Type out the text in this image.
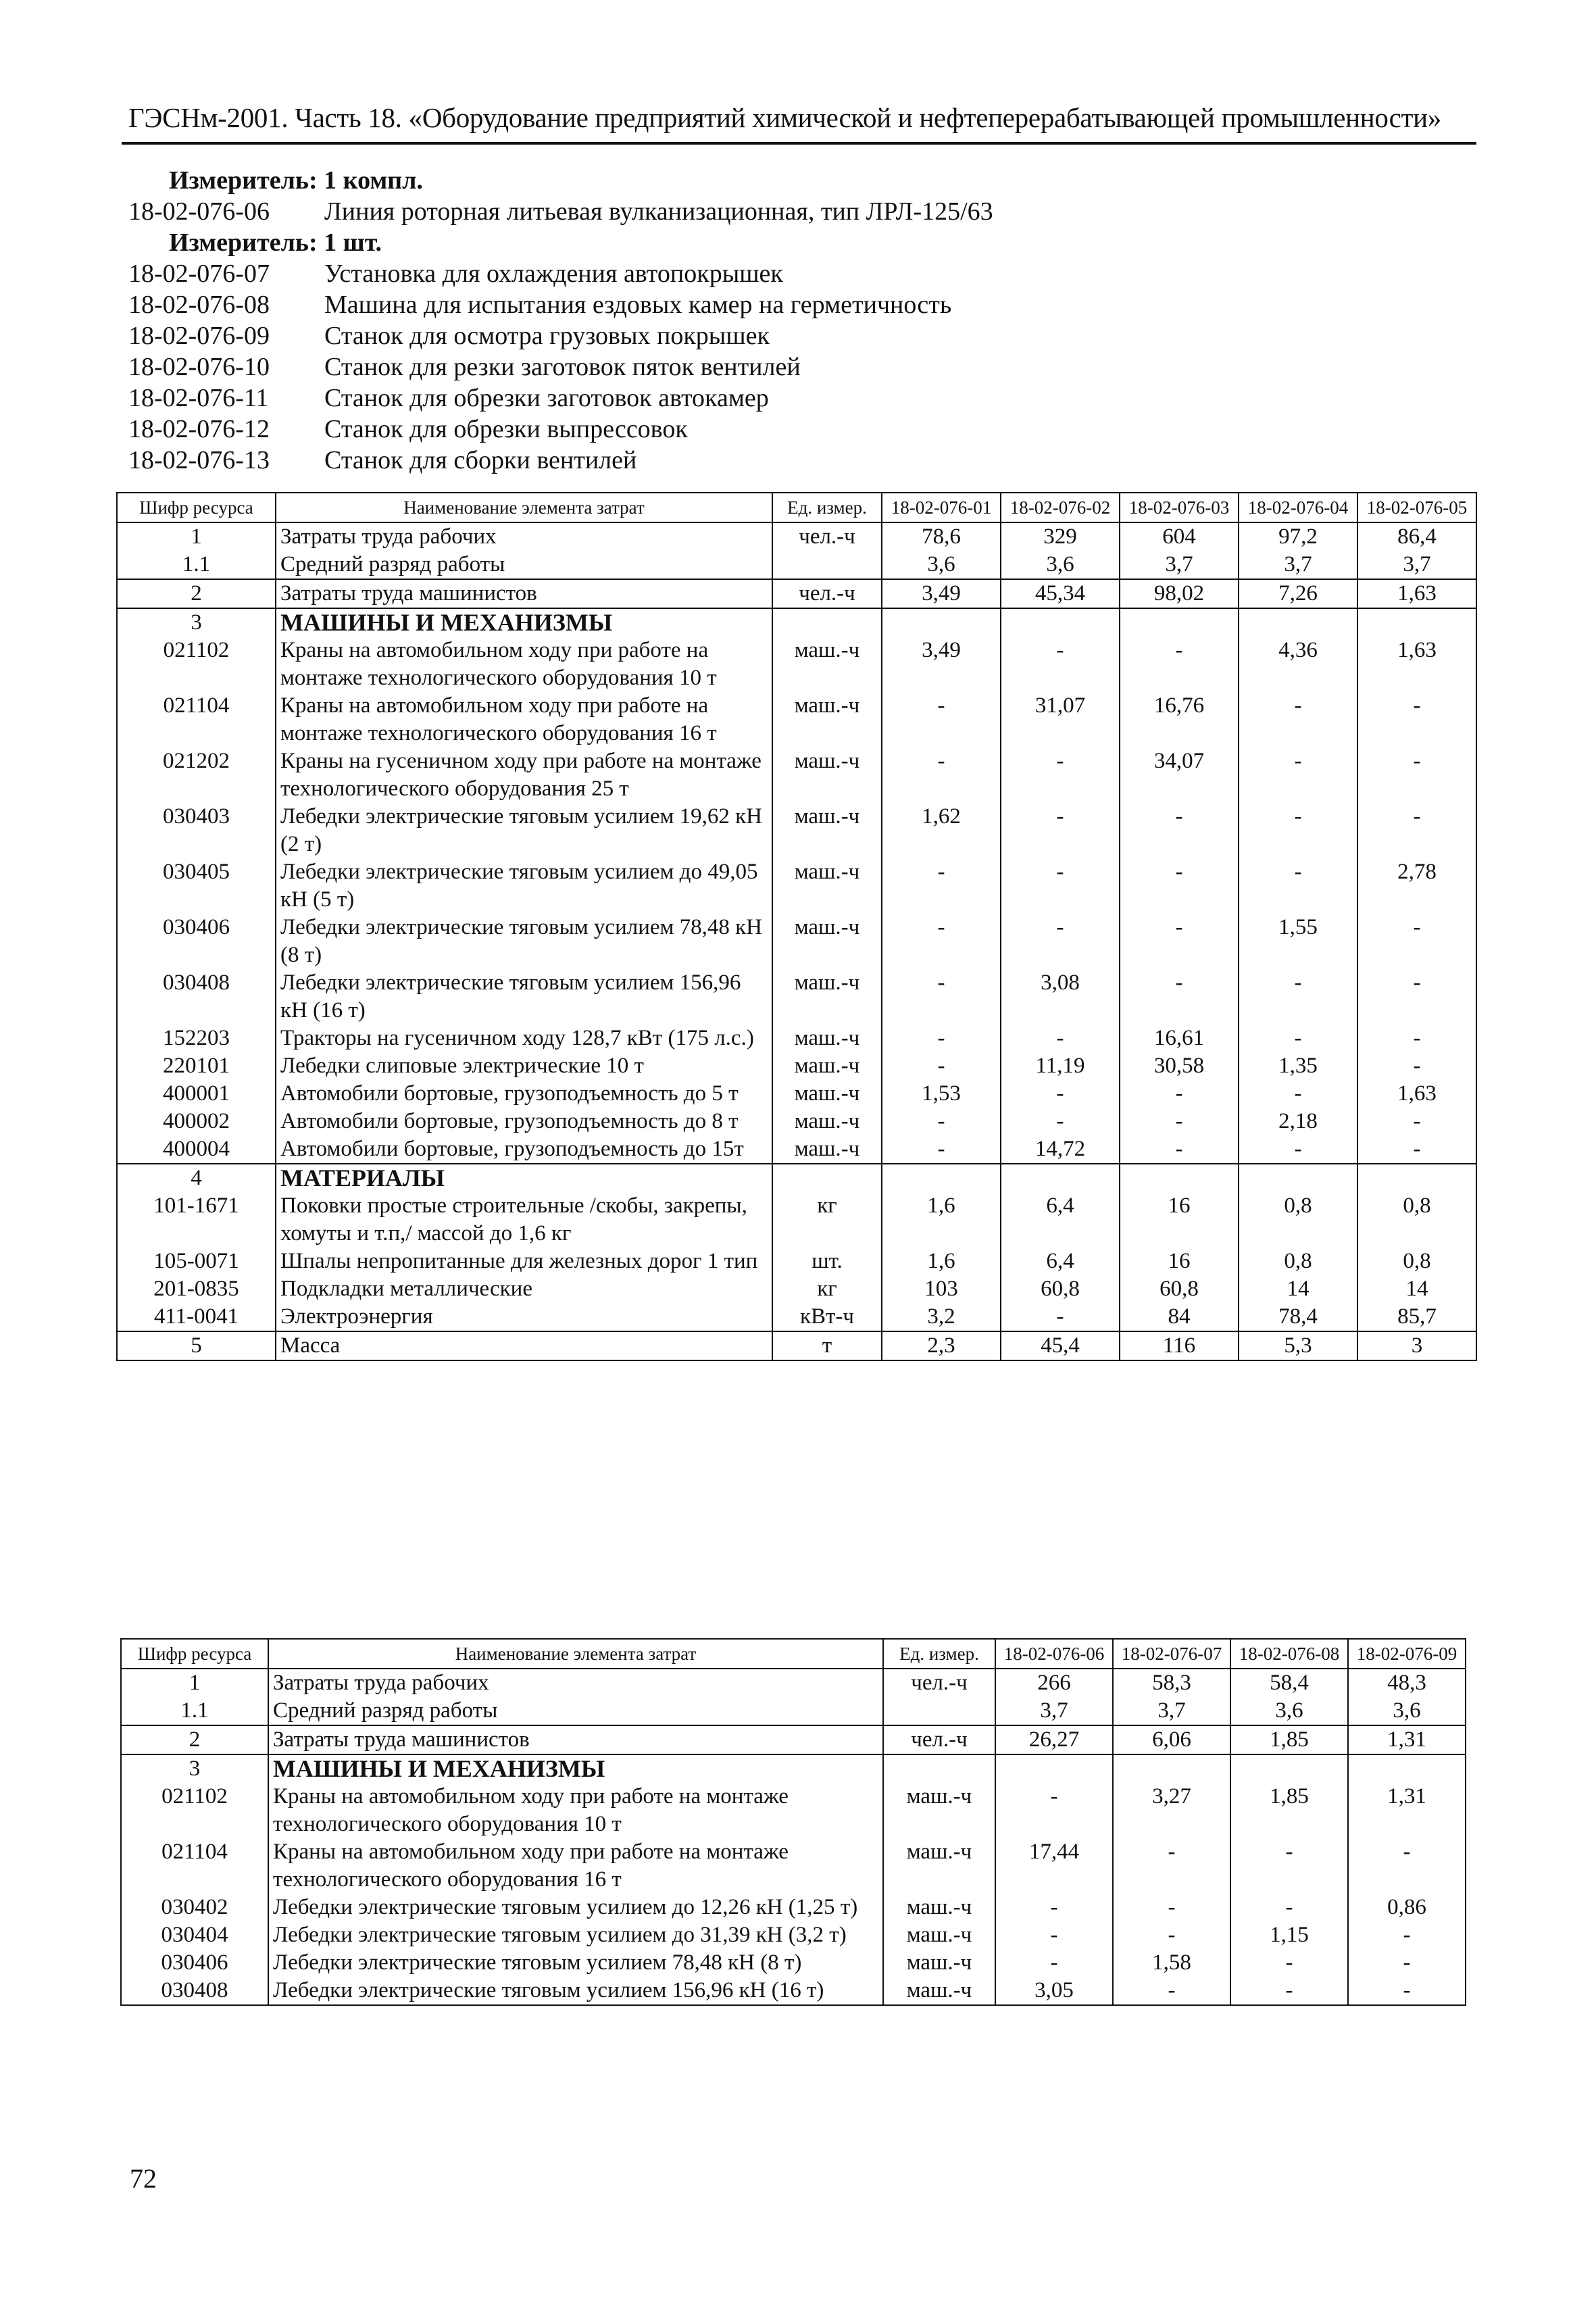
ГЭСНм-2001. Часть 18. «Оборудование предприятий химической и нефтеперерабатывающей промышленности»
Измеритель: 1 компл.
18-02-076-06 Линия роторная литьевая вулканизационная, тип ЛРЛ-125/63
Измеритель: 1 шт.
18-02-076-07 Установка для охлаждения автопокрышек
18-02-076-08 Машина для испытания ездовых камер на герметичность
18-02-076-09 Станок для осмотра грузовых покрышек
18-02-076-10 Станок для резки заготовок пяток вентилей
18-02-076-11 Станок для обрезки заготовок автокамер
18-02-076-12 Станок для обрезки выпрессовок
18-02-076-13 Станок для сборки вентилей
Шифр ресурса	Наименование элемента затрат	Ед. измер.	18-02-076-01	18-02-076-02	18-02-076-03	18-02-076-04	18-02-076-05
1	Затраты труда рабочих	чел.-ч	78,6	329	604	97,2	86,4
1.1	Средний разряд работы		3,6	3,6	3,7	3,7	3,7
2	Затраты труда машинистов	чел.-ч	3,49	45,34	98,02	7,26	1,63
3	МАШИНЫ И МЕХАНИЗМЫ						
021102	Краны на автомобильном ходу при работе на монтаже технологического оборудования 10 т	маш.-ч	3,49	-	-	4,36	1,63
021104	Краны на автомобильном ходу при работе на монтаже технологического оборудования 16 т	маш.-ч	-	31,07	16,76	-	-
021202	Краны на гусеничном ходу при работе на монтаже технологического оборудования 25 т	маш.-ч	-	-	34,07	-	-
030403	Лебедки электрические тяговым усилием 19,62 кН (2 т)	маш.-ч	1,62	-	-	-	-
030405	Лебедки электрические тяговым усилием до 49,05 кН (5 т)	маш.-ч	-	-	-	-	2,78
030406	Лебедки электрические тяговым усилием 78,48 кН (8 т)	маш.-ч	-	-	-	1,55	-
030408	Лебедки электрические тяговым усилием 156,96 кН (16 т)	маш.-ч	-	3,08	-	-	-
152203	Тракторы на гусеничном ходу 128,7 кВт (175 л.с.)	маш.-ч	-	-	16,61	-	-
220101	Лебедки слиповые электрические 10 т	маш.-ч	-	11,19	30,58	1,35	-
400001	Автомобили бортовые, грузоподъемность до 5 т	маш.-ч	1,53	-	-	-	1,63
400002	Автомобили бортовые, грузоподъемность до 8 т	маш.-ч	-	-	-	2,18	-
400004	Автомобили бортовые, грузоподъемность до 15т	маш.-ч	-	14,72	-	-	-
4	МАТЕРИАЛЫ						
101-1671	Поковки простые строительные /скобы, закрепы, хомуты и т.п,/ массой до 1,6 кг	кг	1,6	6,4	16	0,8	0,8
105-0071	Шпалы непропитанные для железных дорог 1 тип	шт.	1,6	6,4	16	0,8	0,8
201-0835	Подкладки металлические	кг	103	60,8	60,8	14	14
411-0041	Электроэнергия	кВт-ч	3,2	-	84	78,4	85,7
5	Масса	т	2,3	45,4	116	5,3	3
Шифр ресурса	Наименование элемента затрат	Ед. измер.	18-02-076-06	18-02-076-07	18-02-076-08	18-02-076-09
1	Затраты труда рабочих	чел.-ч	266	58,3	58,4	48,3
1.1	Средний разряд работы		3,7	3,7	3,6	3,6
2	Затраты труда машинистов	чел.-ч	26,27	6,06	1,85	1,31
3	МАШИНЫ И МЕХАНИЗМЫ					
021102	Краны на автомобильном ходу при работе на монтаже технологического оборудования 10 т	маш.-ч	-	3,27	1,85	1,31
021104	Краны на автомобильном ходу при работе на монтаже технологического оборудования 16 т	маш.-ч	17,44	-	-	-
030402	Лебедки электрические тяговым усилием до 12,26 кН (1,25 т)	маш.-ч	-	-	-	0,86
030404	Лебедки электрические тяговым усилием до 31,39 кН (3,2 т)	маш.-ч	-	-	1,15	-
030406	Лебедки электрические тяговым усилием 78,48 кН (8 т)	маш.-ч	-	1,58	-	-
030408	Лебедки электрические тяговым усилием 156,96 кН (16 т)	маш.-ч	3,05	-	-	-
72
